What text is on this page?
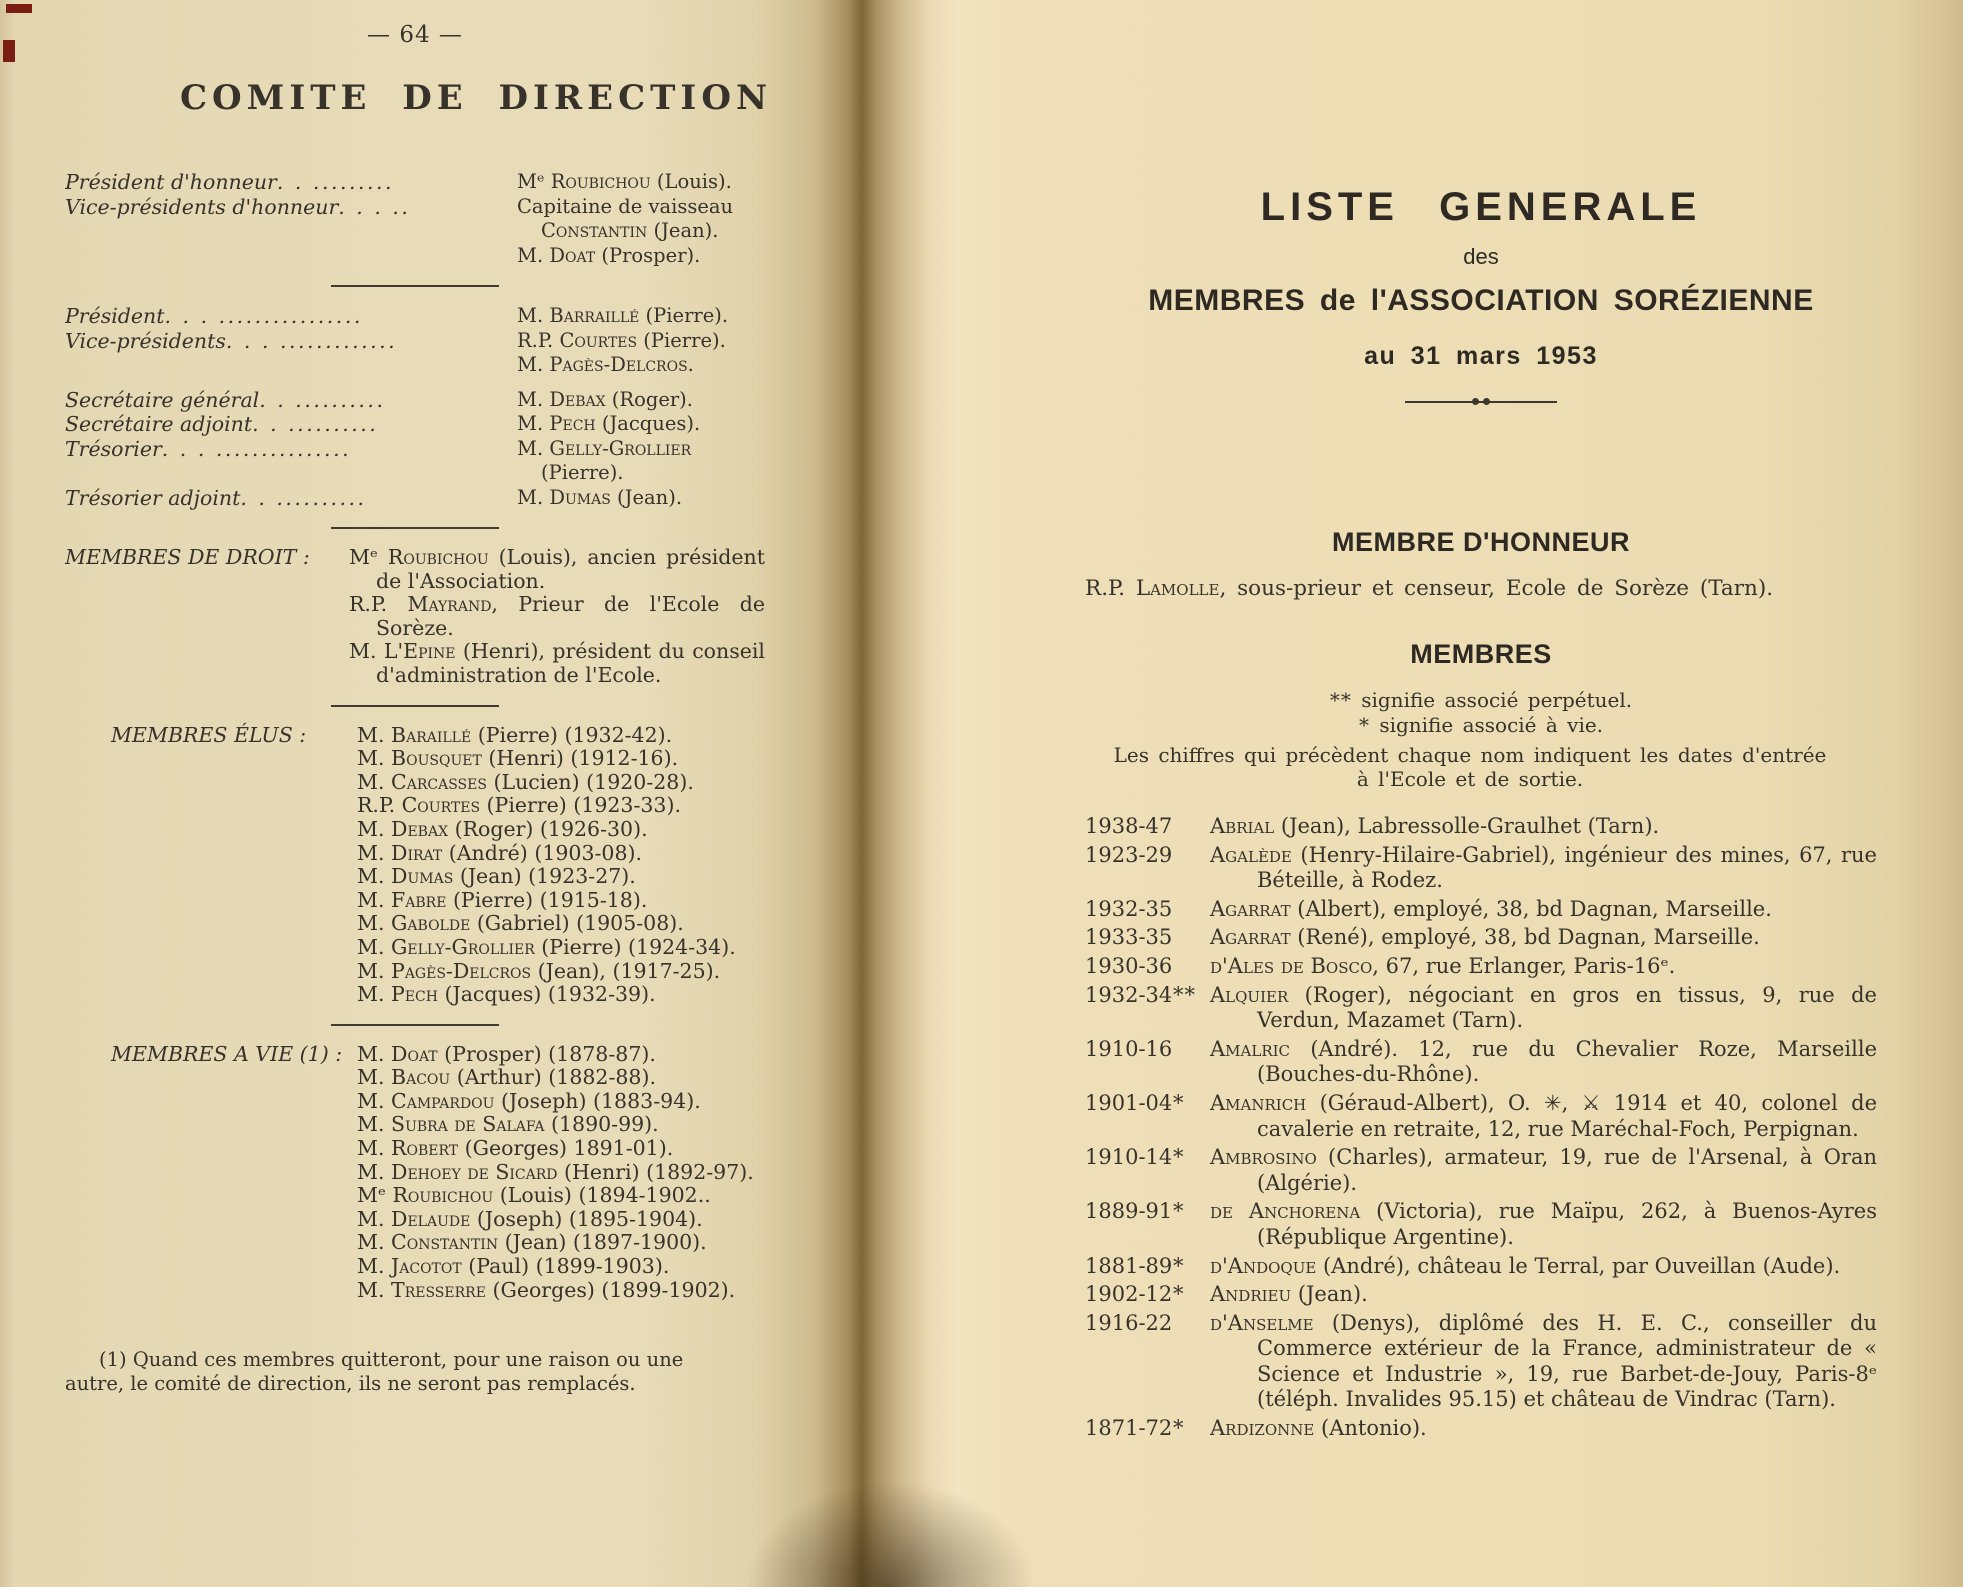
— 64 —
COMITE DE DIRECTION
Président d'honneur. . .........	Mᵉ Roubichou (Louis).
Vice-présidents d'honneur. . . ..	Capitaine de vaisseau Constantin (Jean).
M. Doat (Prosper).
Président. . . ................	M. Barraillé (Pierre).
Vice-présidents. . . .............	R.P. Courtes (Pierre).
M. Pagès-Delcros.
Secrétaire général. . ..........	M. Debax (Roger).
Secrétaire adjoint. . ..........	M. Pech (Jacques).
Trésorier. . . ...............	M. Gelly-Grollier (Pierre).
Trésorier adjoint. . ..........	M. Dumas (Jean).
MEMBRES DE DROIT :	Mᵉ Roubichou (Louis), ancien président de l'Association.

R.P. Mayrand, Prieur de l'Ecole de Sorèze.

M. L'Epine (Henri), président du conseil d'administration de l'Ecole.

MEMBRES ÉLUS :	M. Baraillé (Pierre) (1932-42).

M. Bousquet (Henri) (1912-16).

M. Carcasses (Lucien) (1920-28).

R.P. Courtes (Pierre) (1923-33).

M. Debax (Roger) (1926-30).

M. Dirat (André) (1903-08).

M. Dumas (Jean) (1923-27).

M. Fabre (Pierre) (1915-18).

M. Gabolde (Gabriel) (1905-08).

M. Gelly-Grollier (Pierre) (1924-34).

M. Pagès-Delcros (Jean), (1917-25).

M. Pech (Jacques) (1932-39).

MEMBRES A VIE (1) : M. Doat (Prosper) (1878-87).

M. Bacou (Arthur) (1882-88).

M. Campardou (Joseph) (1883-94).

M. Subra de Salafa (1890-99).

M. Robert (Georges) 1891-01).

M. Dehoey de Sicard (Henri) (1892-97).

Mᵉ Roubichou (Louis) (1894-1902..

M. Delaude (Joseph) (1895-1904).

M. Constantin (Jean) (1897-1900).

M. Jacotot (Paul) (1899-1903).

M. Tresserre (Georges) (1899-1902).

(1) Quand ces membres quitteront, pour une raison ou une autre, le comité de direction, ils ne seront pas remplacés.

LISTE GENERALE

des

MEMBRES de l'ASSOCIATION SORÉZIENNE
au 31 mars 1953
MEMBRE D'HONNEUR

R.P. Lamolle, sous-prieur et censeur, Ecole de Sorèze (Tarn).

MEMBRES

** signifie associé perpétuel.

* signifie associé à vie.

Les chiffres qui précèdent chaque nom indiquent les dates d'entrée

à l'Ecole et de sortie.

1938-47 Abrial (Jean), Labressolle-Graulhet (Tarn).

1923-29 Agalède (Henry-Hilaire-Gabriel), ingénieur des mines, 67, rue Béteille, à Rodez.

1932-35 Agarrat (Albert), employé, 38, bd Dagnan, Marseille.

1933-35 Agarrat (René), employé, 38, bd Dagnan, Marseille.

1930-36 d'Ales de Bosco, 67, rue Erlanger, Paris-16ᵉ.

1932-34 ** Alquier (Roger), négociant en gros en tissus, 9, rue de Verdun, Mazamet (Tarn).

1910-16 Amalric (André). 12, rue du Chevalier Roze, Marseille (Bouches-du-Rhône).

1901-04 *	Amanrich (Géraud-Albert), O. ✳, ⚔ 1914 et 40, colonel de cavalerie en retraite, 12, rue Maréchal-Foch, Perpignan.

1910-14 *	Ambrosino (Charles), armateur, 19, rue de l'Arsenal, à Oran (Algérie).

1889-91 *	de Anchorena (Victoria), rue Maïpu, 262, à Buenos-Ayres (République Argentine).

1881-89 *	d'Andoque (André), château le Terral, par Ouveillan (Aude).

1902-12 *	Andrieu (Jean).

1916-22 d'Anselme (Denys), diplômé des H. E. C., conseiller du Commerce extérieur de la France, administrateur de « Science et Industrie », 19, rue Barbet-de-Jouy, Paris-8ᵉ (téléph. Invalides 95.15) et château de Vindrac (Tarn).

1871-72 *	Ardizonne (Antonio).
